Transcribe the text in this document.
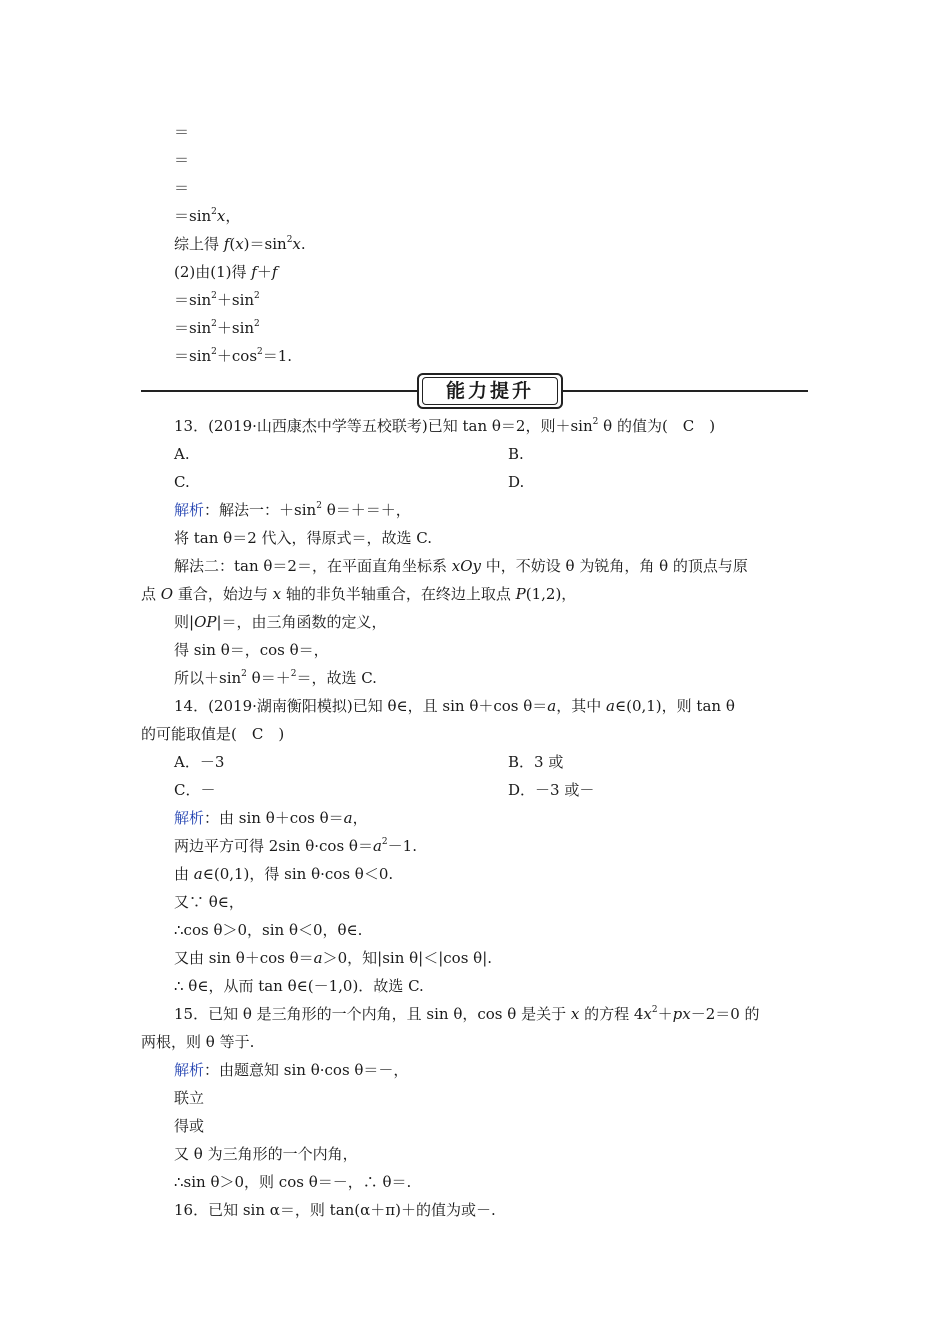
＝
＝
＝
$=\sin^2x$，
综上得 $f(x)=\sin^2x$.
(2)由(1)得 f＋f
$=\sin^2+\sin^2$
$=\sin^2+\sin^2$
$=\sin^2+\cos^2=1$.
能力提升
13．(2019·山西康杰中学等五校联考)已知 tan θ＝2，则$+\sin^2$ θ 的值为(　C　)
A.	B.
C.	D.
解析：解法一：$+\sin^2$ θ＝＋＝＋，
将 tan θ＝2 代入，得原式＝，故选 C.
解法二：tan θ＝2＝，在平面直角坐标系 xOy 中，不妨设 θ 为锐角，角 θ 的顶点与原
点 O 重合，始边与 x 轴的非负半轴重合，在终边上取点 P(1,2)，
则|OP|＝，由三角函数的定义，
得 sin θ＝，cos θ＝，
所以$+\sin^2$ θ＝＋$^2$＝，故选 C.
14．(2019·湖南衡阳模拟)已知 θ∈，且 sin θ＋cos θ＝a，其中 a∈(0,1)，则 tan θ
的可能取值是(　C　)
A．－3	B．3 或
C．－	D．－3 或－
解析：由 sin θ＋cos θ＝a，
两边平方可得 2sin θ·cos $\theta=a^2-1$.
由 a∈(0,1)，得 sin θ·cos θ＜0.
又∵ θ∈，
∴cos θ＞0，sin θ＜0，θ∈.
又由 sin θ＋cos θ＝a＞0，知|sin θ|＜|cos θ|.
∴ θ∈，从而 tan θ∈(－1,0)．故选 C.
15．已知 θ 是三角形的一个内角，且 sin θ，cos θ 是关于 x 的方程 $4x^2+px-2=0$ 的
两根，则 θ 等于.
解析：由题意知 sin θ·cos θ＝－，
联立
得或
又 θ 为三角形的一个内角，
∴sin θ＞0，则 cos θ＝－，∴ θ＝.
16．已知 sin α＝，则 tan(α＋π)＋的值为或－.
